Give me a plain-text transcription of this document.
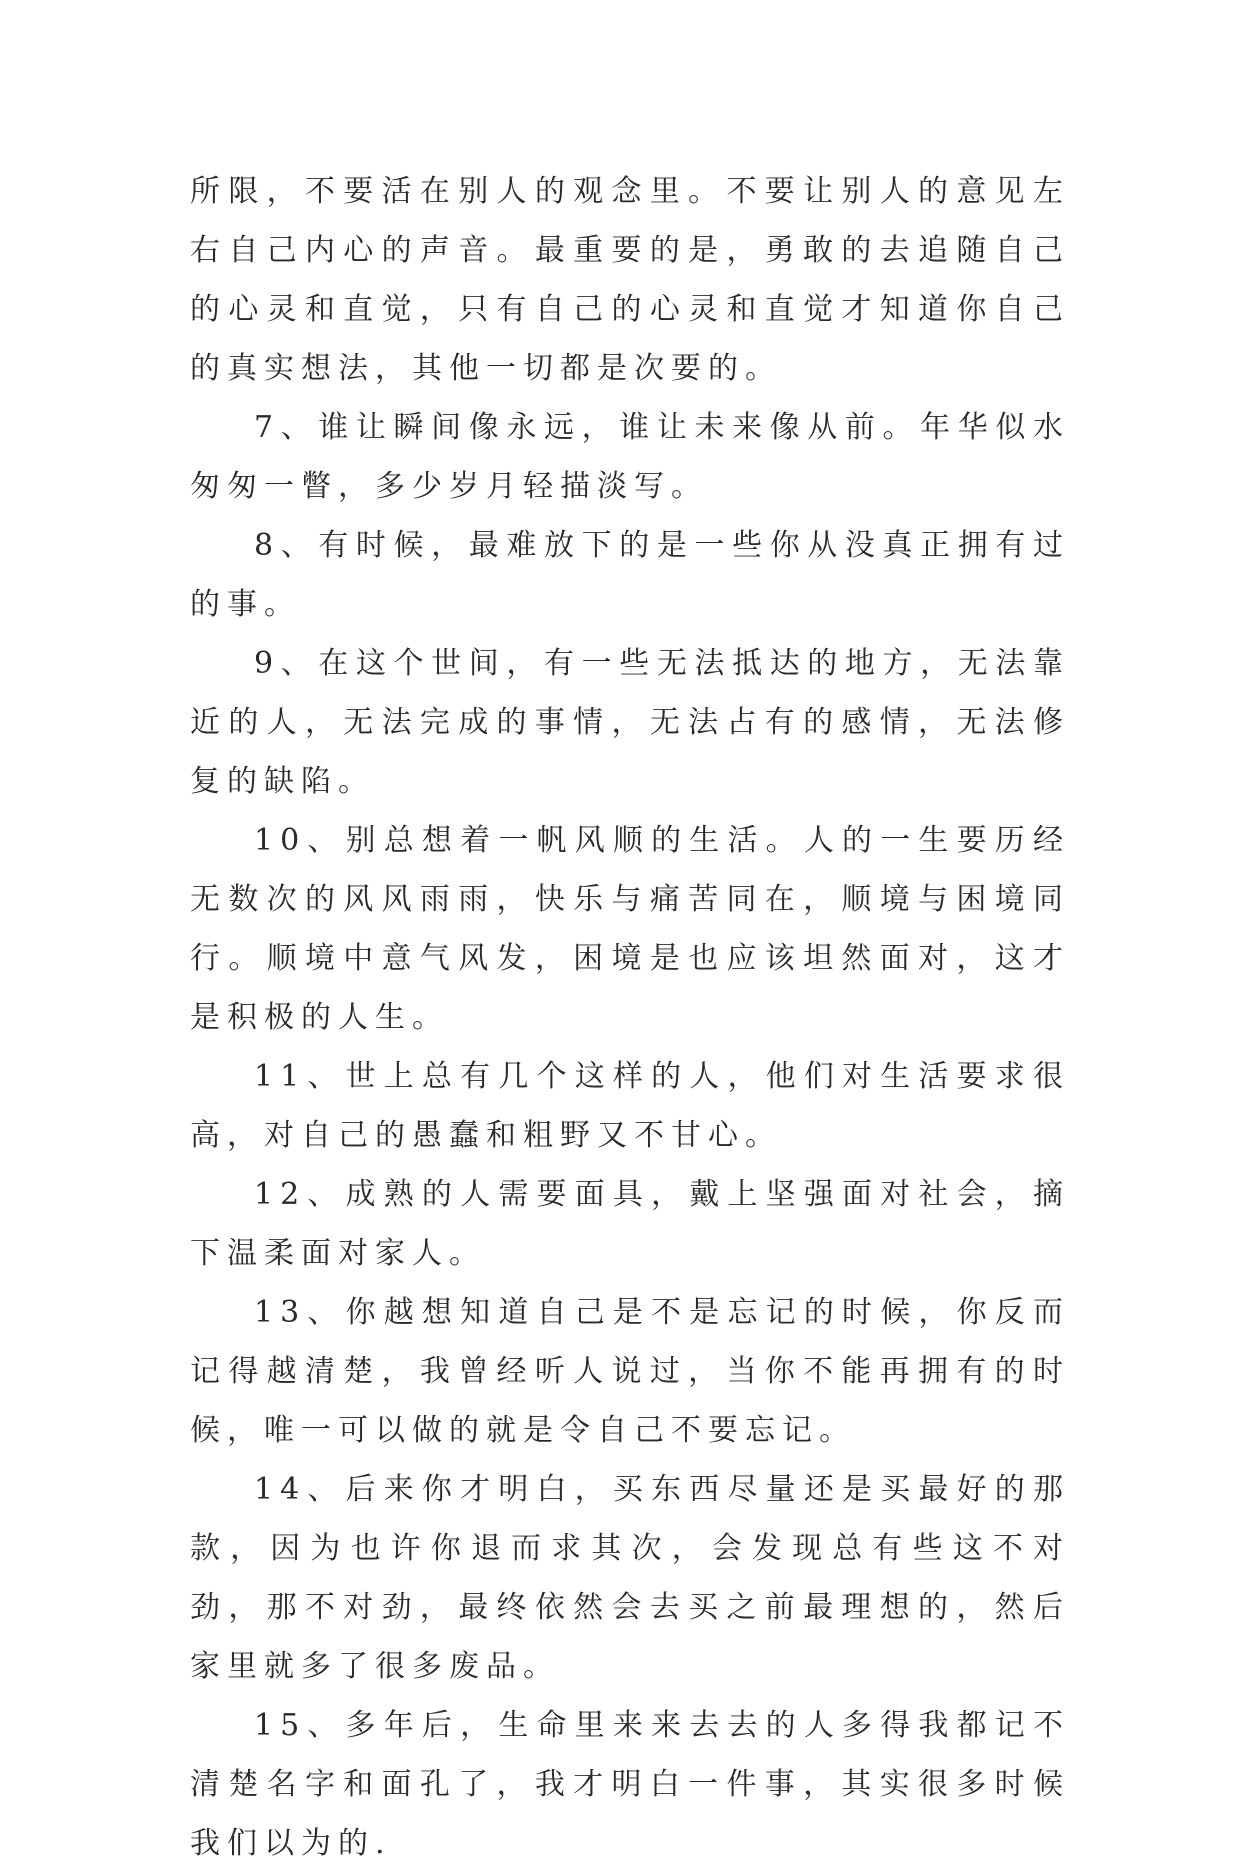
所限，不要活在别人的观念里。不要让别人的意见左右自己内心的声音。最重要的是，勇敢的去追随自己的心灵和直觉，只有自己的心灵和直觉才知道你自己的真实想法，其他一切都是次要的。

7、谁让瞬间像永远，谁让未来像从前。年华似水匆匆一瞥，多少岁月轻描淡写。

8、有时候，最难放下的是一些你从没真正拥有过的事。

9、在这个世间，有一些无法抵达的地方，无法靠近的人，无法完成的事情，无法占有的感情，无法修复的缺陷。

10、别总想着一帆风顺的生活。人的一生要历经无数次的风风雨雨，快乐与痛苦同在，顺境与困境同行。顺境中意气风发，困境是也应该坦然面对，这才是积极的人生。

11、世上总有几个这样的人，他们对生活要求很高，对自己的愚蠢和粗野又不甘心。

12、成熟的人需要面具，戴上坚强面对社会，摘下温柔面对家人。

13、你越想知道自己是不是忘记的时候，你反而记得越清楚，我曾经听人说过，当你不能再拥有的时候，唯一可以做的就是令自己不要忘记。

14、后来你才明白，买东西尽量还是买最好的那款，因为也许你退而求其次，会发现总有些这不对劲，那不对劲，最终依然会去买之前最理想的，然后家里就多了很多废品。

15、多年后，生命里来来去去的人多得我都记不清楚名字和面孔了，我才明白一件事，其实很多时候我们以为的.
